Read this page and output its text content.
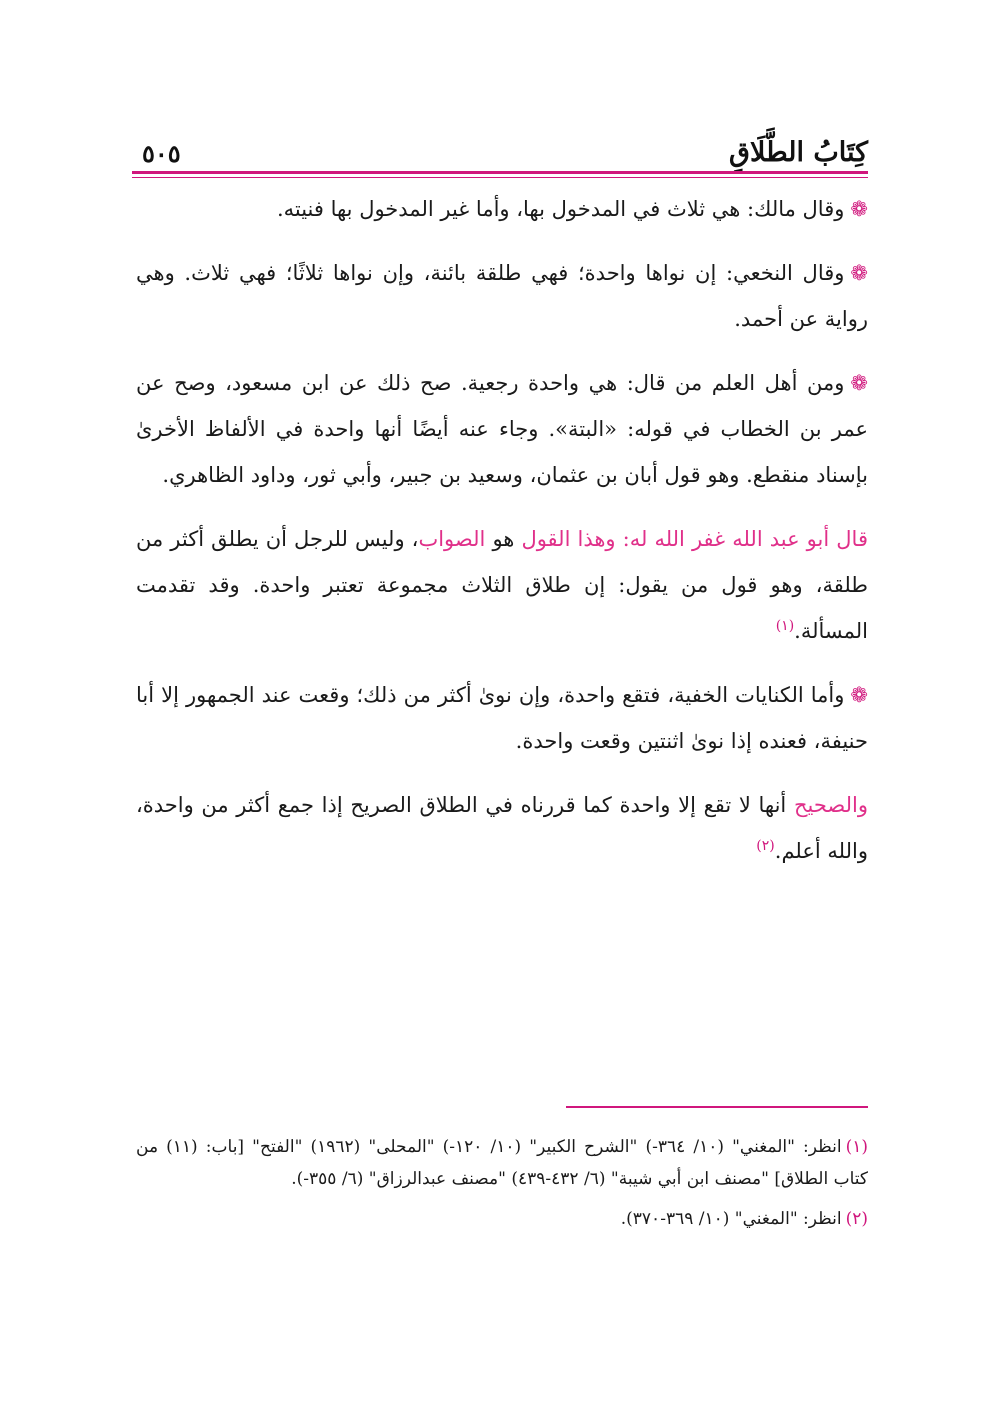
كِتَابُ الطَّلَاقِ
٥٠٥

❁وقال مالك: هي ثلاث في المدخول بها، وأما غير المدخول بها فنيته.

❁وقال النخعي: إن نواها واحدة؛ فهي طلقة بائنة، وإن نواها ثلاثًا؛ فهي ثلاث. وهي رواية عن أحمد.

❁ومن أهل العلم من قال: هي واحدة رجعية. صح ذلك عن ابن مسعود، وصح عن عمر بن الخطاب في قوله: «البتة». وجاء عنه أيضًا أنها واحدة في الألفاظ الأخرىٰ بإسناد منقطع. وهو قول أبان بن عثمان، وسعيد بن جبير، وأبي ثور، وداود الظاهري.

قال أبو عبد الله غفر الله له: وهذا القول هو الصواب، وليس للرجل أن يطلق أكثر من طلقة، وهو قول من يقول: إن طلاق الثلاث مجموعة تعتبر واحدة. وقد تقدمت المسألة.$^{(١)}$

❁وأما الكنايات الخفية، فتقع واحدة، وإن نوىٰ أكثر من ذلك؛ وقعت عند الجمهور إلا أبا حنيفة، فعنده إذا نوىٰ اثنتين وقعت واحدة.

والصحيح أنها لا تقع إلا واحدة كما قررناه في الطلاق الصريح إذا جمع أكثر من واحدة، والله أعلم.$^{(٢)}$

(١)انظر: "المغني" (١٠/ ٣٦٤-) "الشرح الكبير" (١٠/ ١٢٠-) "المحلى" (١٩٦٢) "الفتح" [باب: (١١) من كتاب الطلاق] "مصنف ابن أبي شيبة" (٦/ ٤٣٢-٤٣٩) "مصنف عبدالرزاق" (٦/ ٣٥٥-).

(٢)انظر: "المغني" (١٠/ ٣٦٩-٣٧٠).
